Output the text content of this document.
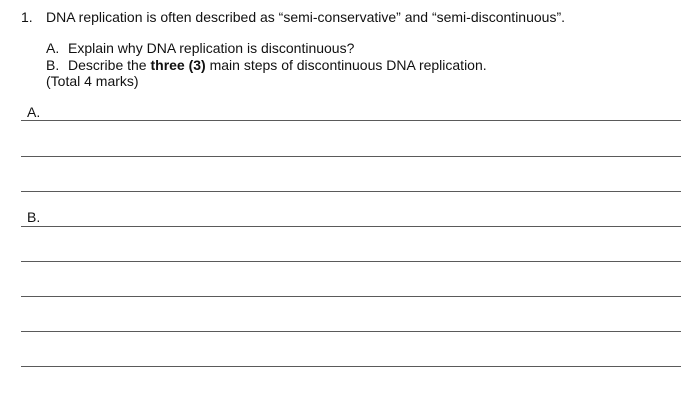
1. DNA replication is often described as “semi-conservative” and “semi-discontinuous”.
A. Explain why DNA replication is discontinuous?
B. Describe the three (3) main steps of discontinuous DNA replication.
(Total 4 marks)
A.
B.
